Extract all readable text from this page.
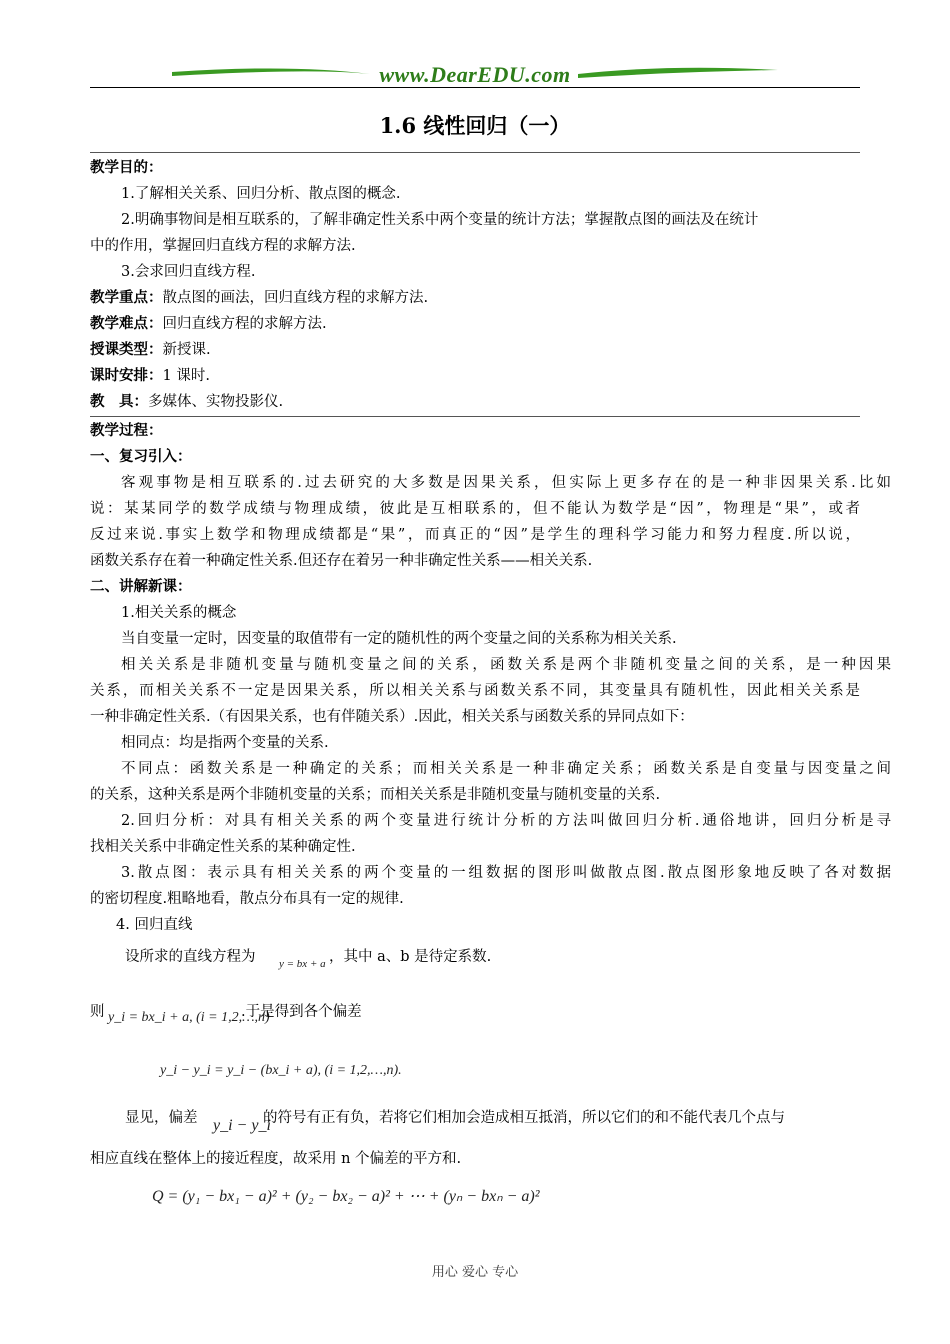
www.DearEDU.com
1.6 线性回归（一）
教学目的：
1.了解相关关系、回归分析、散点图的概念.
2.明确事物间是相互联系的，了解非确定性关系中两个变量的统计方法；掌握散点图的画法及在统计
中的作用，掌握回归直线方程的求解方法.
3.会求回归直线方程.
教学重点：散点图的画法，回归直线方程的求解方法.
教学难点：回归直线方程的求解方法.
授课类型：新授课.
课时安排：1 课时.
教　具：多媒体、实物投影仪.
教学过程：
一、复习引入：
客观事物是相互联系的.过去研究的大多数是因果关系，但实际上更多存在的是一种非因果关系.比如
说：某某同学的数学成绩与物理成绩，彼此是互相联系的，但不能认为数学是“因”，物理是“果”，或者
反过来说.事实上数学和物理成绩都是“果”，而真正的“因”是学生的理科学习能力和努力程度.所以说，
函数关系存在着一种确定性关系.但还存在着另一种非确定性关系——相关关系.
二、讲解新课：
1.相关关系的概念
当自变量一定时，因变量的取值带有一定的随机性的两个变量之间的关系称为相关关系.
相关关系是非随机变量与随机变量之间的关系，函数关系是两个非随机变量之间的关系，是一种因果
关系，而相关关系不一定是因果关系，所以相关关系与函数关系不同，其变量具有随机性，因此相关关系是
一种非确定性关系.（有因果关系，也有伴随关系）.因此，相关关系与函数关系的异同点如下：
相同点：均是指两个变量的关系.
不同点：函数关系是一种确定的关系；而相关关系是一种非确定关系；函数关系是自变量与因变量之间
的关系，这种关系是两个非随机变量的关系；而相关关系是非随机变量与随机变量的关系.
2.回归分析：对具有相关关系的两个变量进行统计分析的方法叫做回归分析.通俗地讲，回归分析是寻
找相关关系中非确定性关系的某种确定性.
3.散点图：表示具有相关关系的两个变量的一组数据的图形叫做散点图.散点图形象地反映了各对数据
的密切程度.粗略地看，散点分布具有一定的规律.
4. 回归直线
设所求的直线方程为	y = bx + a ，其中 a、b 是待定系数.
则 y_i = bx_i + a, (i = 1,2,…,n)
.于是得到各个偏差
y_i − y_i = y_i − (bx_i + a), (i = 1,2,…,n).
显见，偏差 y_i − y_i
的符号有正有负，若将它们相加会造成相互抵消，所以它们的和不能代表几个点与
相应直线在整体上的接近程度，故采用 n 个偏差的平方和.
Q = (y₁ − bx₁ − a)² + (y₂ − bx₂ − a)² + ⋯ + (yₙ − bxₙ − a)²
用心 爱心 专心
